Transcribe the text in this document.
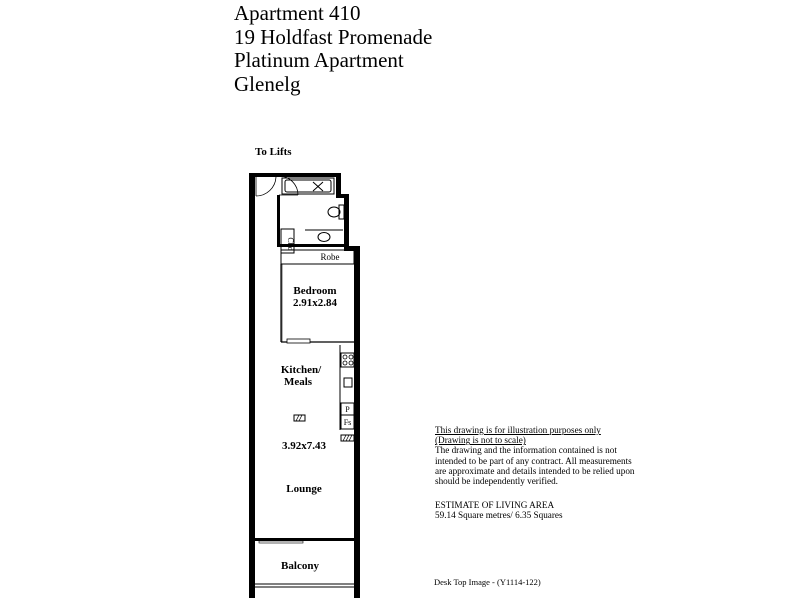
Apartment 410
19 Holdfast Promenade
Platinum Apartment
Glenelg
To Lifts
Cbd
Robe
Bedroom
2.91x2.84
P
Fs
Kitchen/
Meals
3.92x7.43
Lounge
Balcony
This drawing is for illustration purposes only
(Drawing is not to scale)
The drawing and the information contained is not intended to be part of any contract. All measurements are approximate and details intended to be relied upon should be independently verified.
ESTIMATE OF LIVING AREA
59.14 Square metres/ 6.35 Squares
Desk Top Image - (Y1114-122)
